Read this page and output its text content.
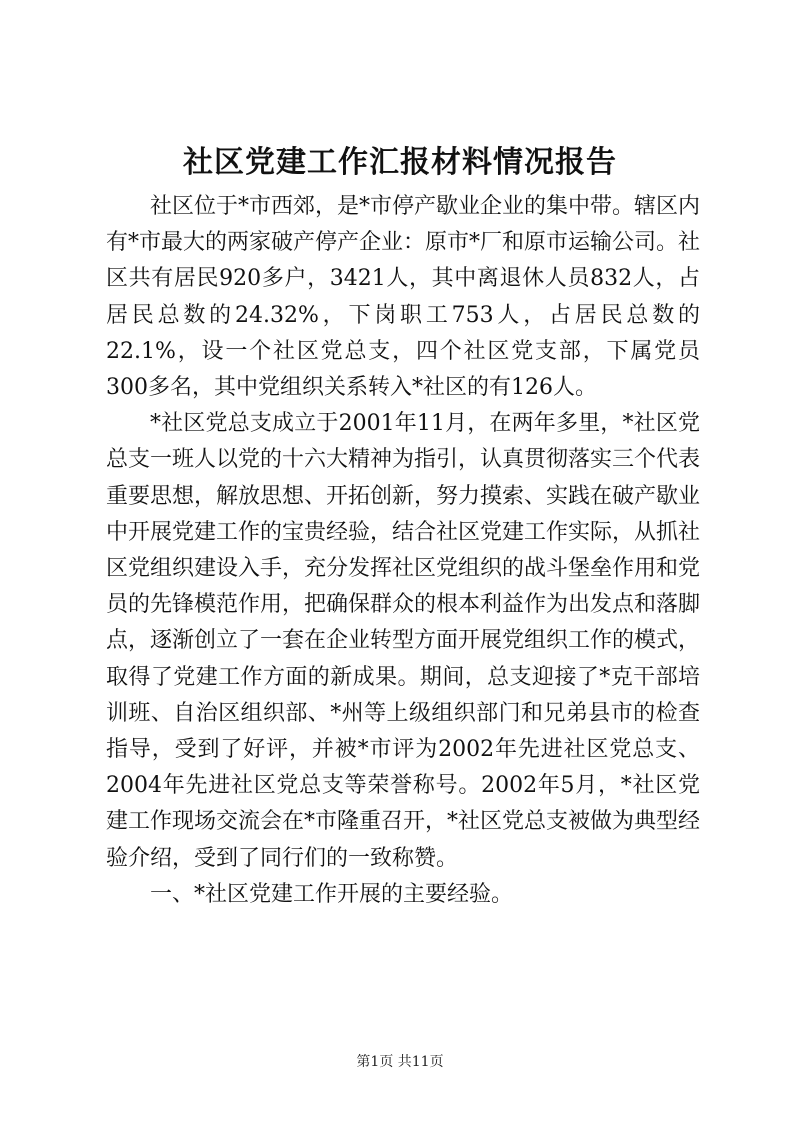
社区党建工作汇报材料情况报告

社区位于*市西郊，是*市停产歇业企业的集中带。辖区内有*市最大的两家破产停产企业：原市*厂和原市运输公司。社区共有居民920多户，3421人，其中离退休人员832人，占居民总数的24.32%，下岗职工753人，占居民总数的22.1%，设一个社区党总支，四个社区党支部，下属党员300多名，其中党组织关系转入*社区的有126人。

*社区党总支成立于2001年11月，在两年多里，*社区党总支一班人以党的十六大精神为指引，认真贯彻落实三个代表重要思想，解放思想、开拓创新，努力摸索、实践在破产歇业中开展党建工作的宝贵经验，结合社区党建工作实际，从抓社区党组织建设入手，充分发挥社区党组织的战斗堡垒作用和党员的先锋模范作用，把确保群众的根本利益作为出发点和落脚点，逐渐创立了一套在企业转型方面开展党组织工作的模式，取得了党建工作方面的新成果。期间，总支迎接了*克干部培训班、自治区组织部、*州等上级组织部门和兄弟县市的检查指导，受到了好评，并被*市评为2002年先进社区党总支、2004年先进社区党总支等荣誉称号。2002年5月，*社区党建工作现场交流会在*市隆重召开，*社区党总支被做为典型经验介绍，受到了同行们的一致称赞。

一、*社区党建工作开展的主要经验。

第1页 共11页
